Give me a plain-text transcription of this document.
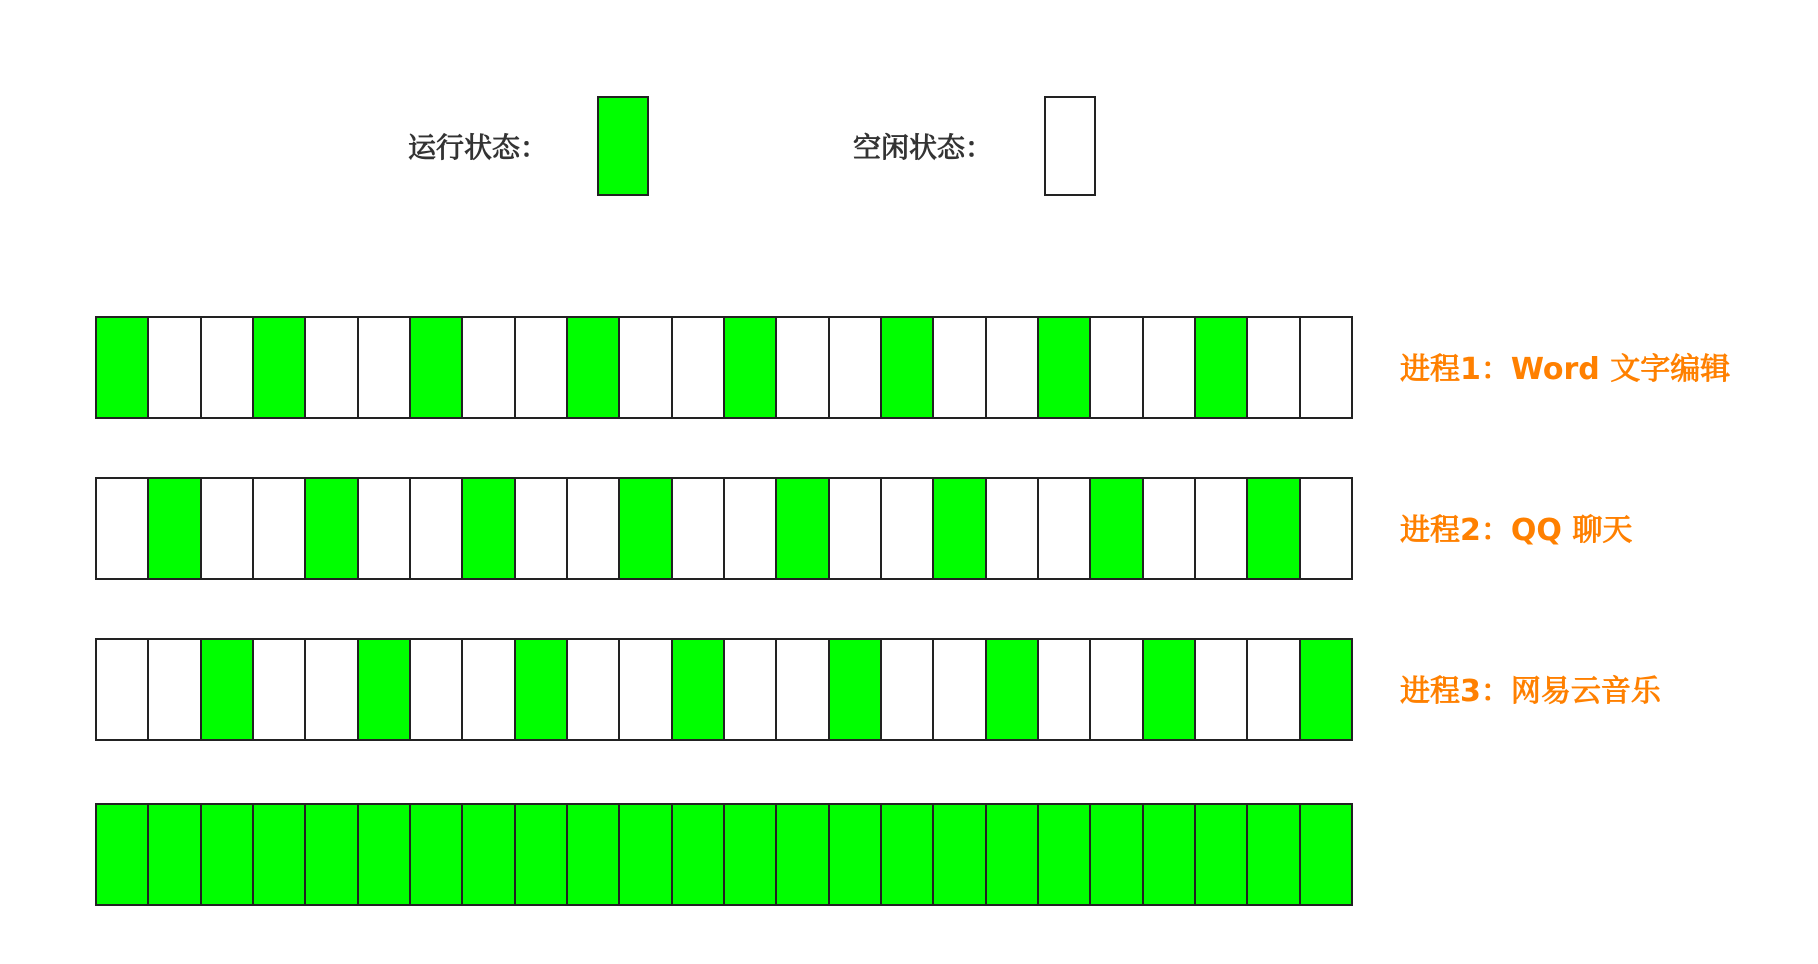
运行状态：	空闲状态：
进程1：Word 文字编辑
进程2：QQ 聊天
进程3：网易云音乐
